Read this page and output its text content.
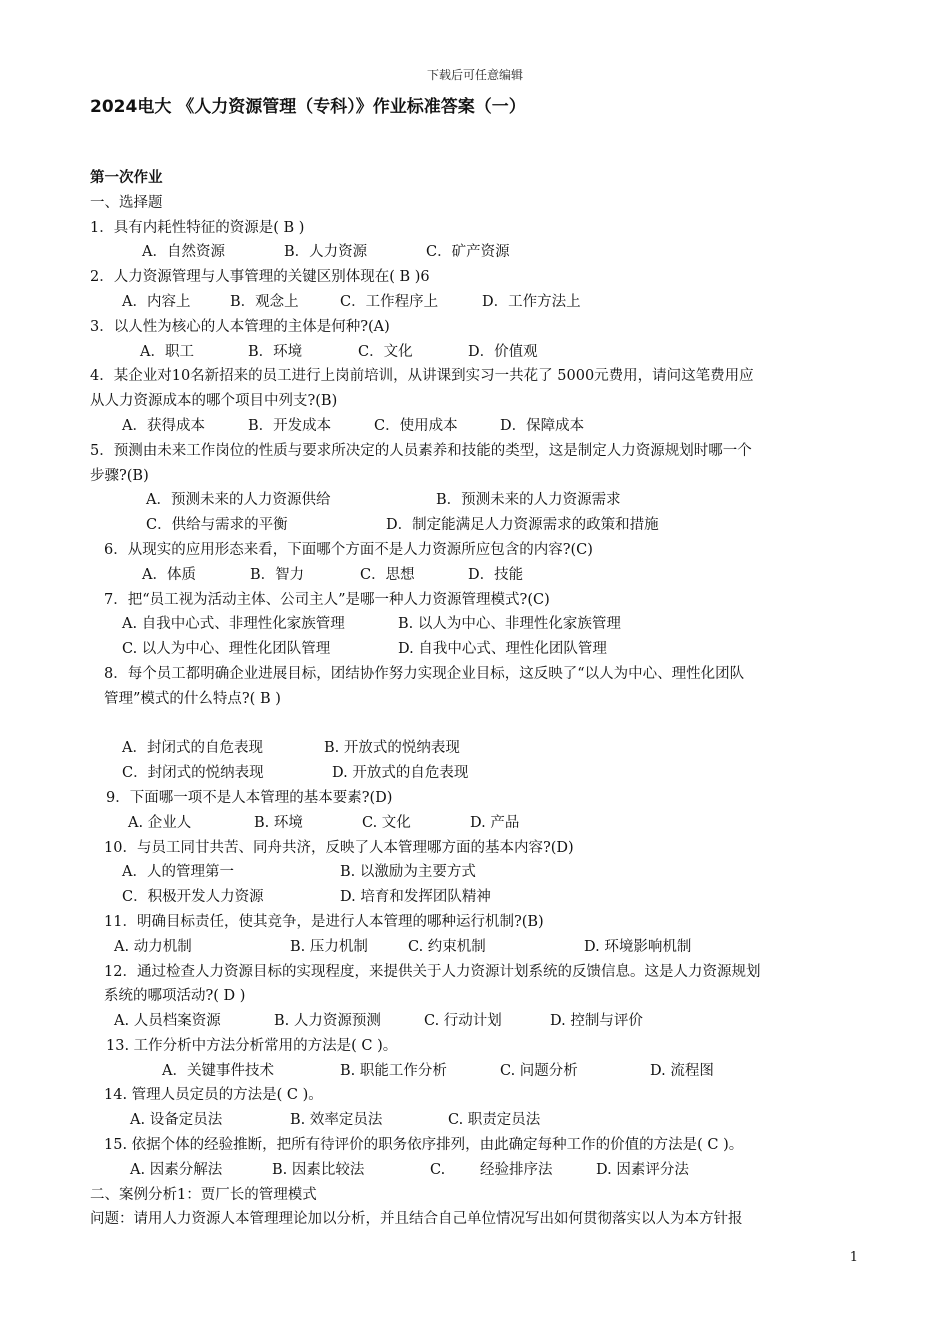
下载后可任意编辑
2024电大 《人力资源管理（专科）》作业标准答案（一）
第一次作业
一、选择题
1．具有内耗性特征的资源是( B )
A．自然资源	B．人力资源	C．矿产资源
2．人力资源管理与人事管理的关键区别体现在( B )6
A．内容上	B．观念上	C．工作程序上	D．工作方法上
3．以人性为核心的人本管理的主体是何种?(A)
A．职工	B．环境	C．文化	D．价值观
4．某企业对10名新招来的员工进行上岗前培训，从讲课到实习一共花了 5000元费用，请问这笔费用应
从人力资源成本的哪个项目中列支?(B)
A．获得成本	B．开发成本	C．使用成本	D．保障成本
5．预测由未来工作岗位的性质与要求所决定的人员素养和技能的类型，这是制定人力资源规划时哪一个
步骤?(B)
A．预测未来的人力资源供给	B．预测未来的人力资源需求
C．供给与需求的平衡	D．制定能满足人力资源需求的政策和措施
6．从现实的应用形态来看，下面哪个方面不是人力资源所应包含的内容?(C)
A．体质	B．智力	C．思想	D．技能
7．把“员工视为活动主体、公司主人”是哪一种人力资源管理模式?(C)
A. 自我中心式、非理性化家族管理	B. 以人为中心、非理性化家族管理
C. 以人为中心、理性化团队管理	D. 自我中心式、理性化团队管理
8．每个员工都明确企业进展目标，团结协作努力实现企业目标，这反映了“以人为中心、理性化团队
管理”模式的什么特点?( B )
A．封闭式的自危表现	B. 开放式的悦纳表现
C．封闭式的悦纳表现	D. 开放式的自危表现
9．下面哪一项不是人本管理的基本要素?(D)
A. 企业人	B. 环境	C. 文化	D. 产品
10．与员工同甘共苦、同舟共济，反映了人本管理哪方面的基本内容?(D)
A．人的管理第一	B. 以激励为主要方式
C．积极开发人力资源	D. 培育和发挥团队精神
11．明确目标责任，使其竞争，是进行人本管理的哪种运行机制?(B)
A. 动力机制	B. 压力机制	C. 约束机制	D. 环境影响机制
12．通过检查人力资源目标的实现程度，来提供关于人力资源计划系统的反馈信息。这是人力资源规划
系统的哪项活动?( D )
A. 人员档案资源	B. 人力资源预测	C. 行动计划	D. 控制与评价
13. 工作分析中方法分析常用的方法是( C )。
A．关键事件技术	B. 职能工作分析	C. 问题分析	D. 流程图
14. 管理人员定员的方法是( C )。
A. 设备定员法	B. 效率定员法	C. 职责定员法
15. 依据个体的经验推断，把所有待评价的职务依序排列，由此确定每种工作的价值的方法是( C )。
A. 因素分解法	B. 因素比较法	C. 经验排序法	D. 因素评分法
二、案例分析1：贾厂长的管理模式
问题：请用人力资源人本管理理论加以分析，并且结合自己单位情况写出如何贯彻落实以人为本方针报
1
